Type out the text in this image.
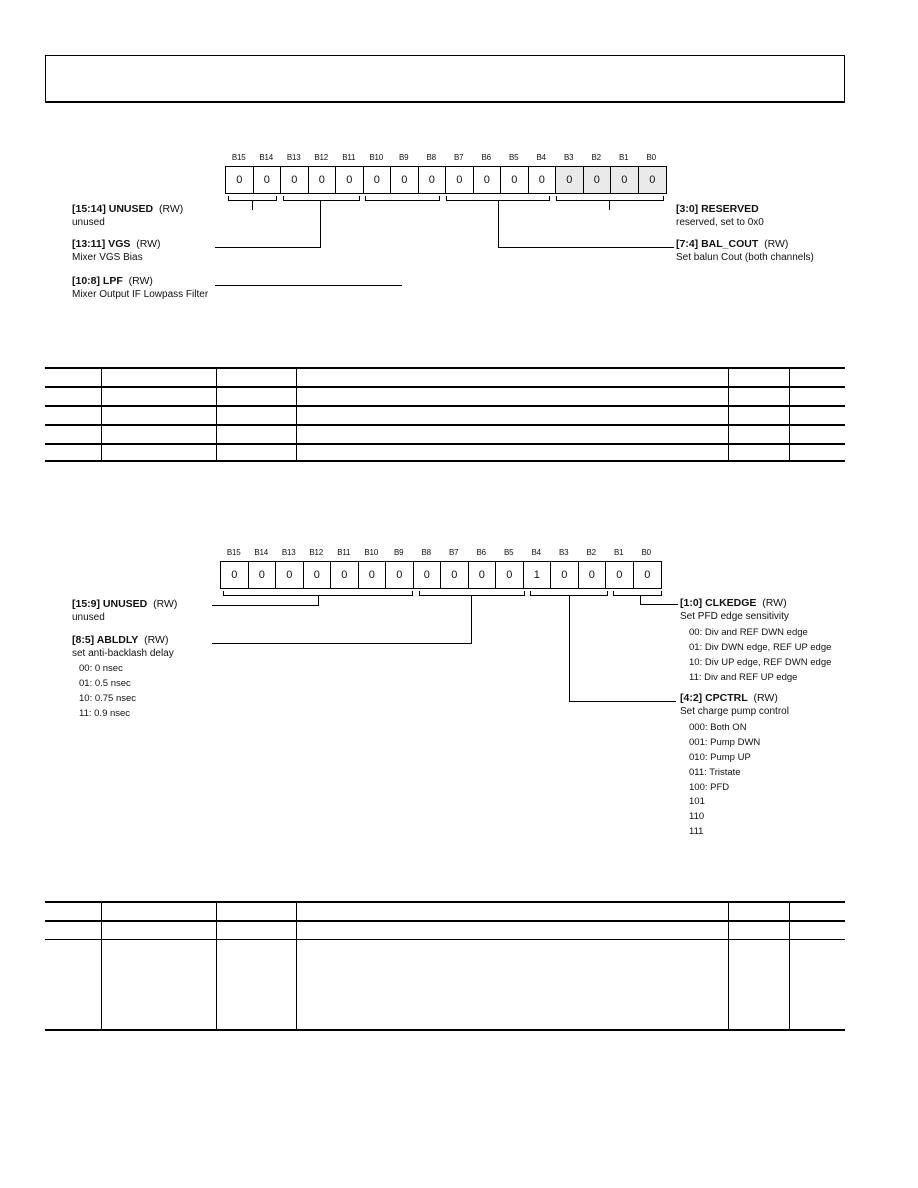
B15	B14	B13	B12	B11	B10	B9	B8	B7	B6	B5	B4	B3	B2	B1	B0
0	0	0	0	0	0	0	0	0	0	0	0	0	0	0	0
[15:14] UNUSED (RW)
unused
[13:11] VGS (RW)
Mixer VGS Bias
[10:8] LPF (RW)
Mixer Output IF Lowpass Filter
[3:0] RESERVED
reserved, set to 0x0
[7:4] BAL_COUT (RW)
Set balun Cout (both channels)
B15	B14	B13	B12	B11	B10	B9	B8	B7	B6	B5	B4	B3	B2	B1	B0
0	0	0	0	0	0	0	0	0	0	0	1	0	0	0	0
[15:9] UNUSED (RW)
unused
[8:5] ABLDLY (RW)
set anti-backlash delay
00: 0 nsec
01: 0.5 nsec
10: 0.75 nsec
11: 0.9 nsec
[1:0] CLKEDGE (RW)
Set PFD edge sensitivity
00: Div and REF DWN edge
01: Div DWN edge, REF UP edge
10: Div UP edge, REF DWN edge
11: Div and REF UP edge
[4:2] CPCTRL (RW)
Set charge pump control
000: Both ON
001: Pump DWN
010: Pump UP
011: Tristate
100: PFD
101
110
111
